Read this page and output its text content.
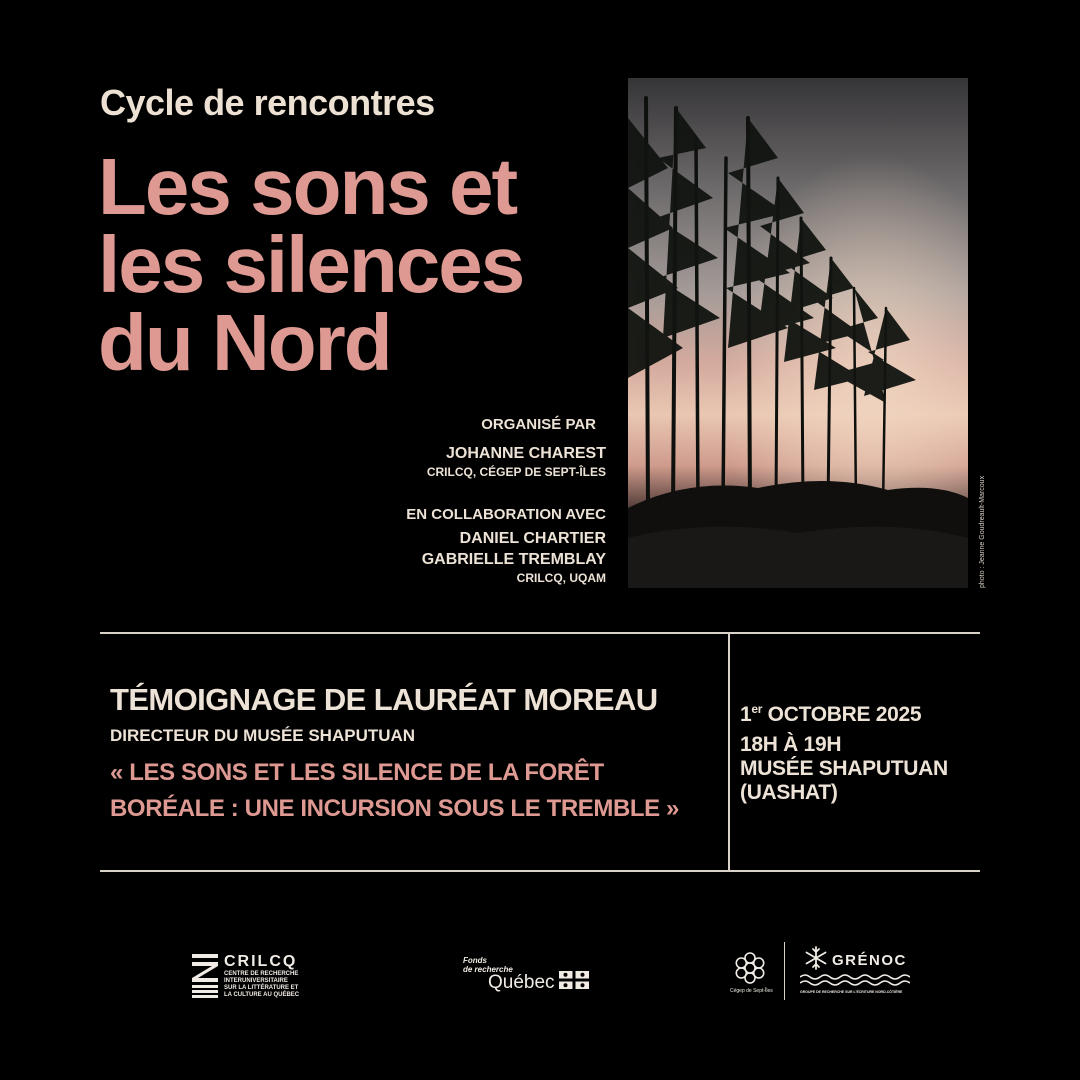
Cycle de rencontres
Les sons et
les silences
du Nord
ORGANISÉ PAR
JOHANNE CHAREST
CRILCQ, CÉGEP DE SEPT-ÎLES
EN COLLABORATION AVEC
DANIEL CHARTIER
GABRIELLE TREMBLAY
CRILCQ, UQAM	photo : Jeanne Goudreault-Marcoux
TÉMOIGNAGE DE LAURÉAT MOREAU
DIRECTEUR DU MUSÉE SHAPUTUAN
« LES SONS ET LES SILENCE DE LA FORÊT
BORÉALE : UNE INCURSION SOUS LE TREMBLE »
1er OCTOBRE 2025
18H À 19H
MUSÉE SHAPUTUAN
(UASHAT)
CRILCQ
CENTRE DE RECHERCHE
INTERUNIVERSITAIRE
SUR LA LITTÉRATURE ET
LA CULTURE AU QUÉBEC
Fonds
de recherche
Québec	Cégep de Sept-Îles
GRÉNOC
GROUPE DE RECHERCHE SUR L'ÉCRITURE NORD-CÔTIÈRE
